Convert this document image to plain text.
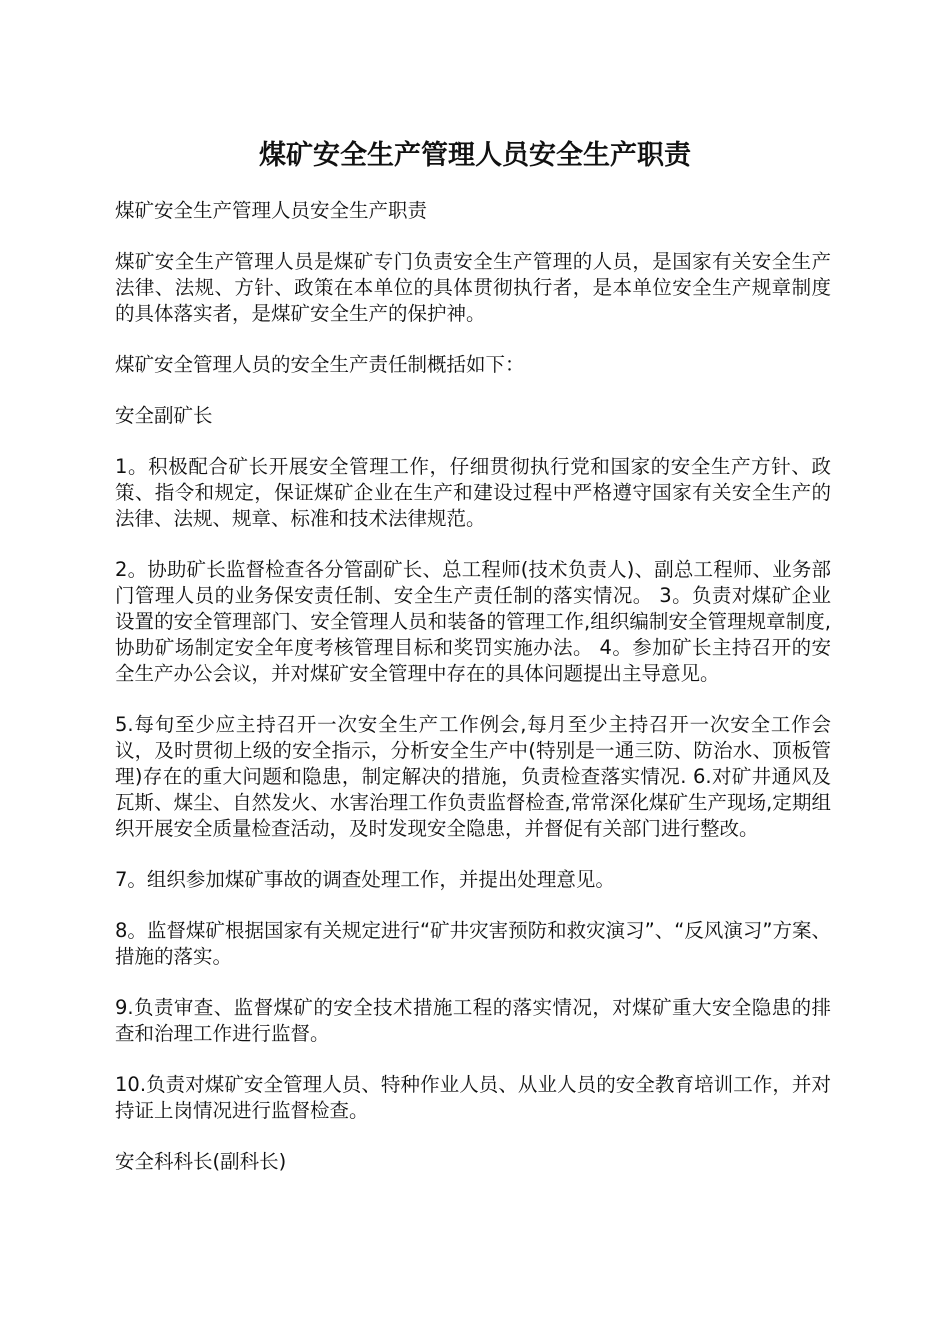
煤矿安全生产管理人员安全生产职责

煤矿安全生产管理人员安全生产职责

煤矿安全生产管理人员是煤矿专门负责安全生产管理的人员，是国家有关安全生产法律、法规、方针、政策在本单位的具体贯彻执行者，是本单位安全生产规章制度的具体落实者，是煤矿安全生产的保护神。

煤矿安全管理人员的安全生产责任制概括如下：

安全副矿长

1。积极配合矿长开展安全管理工作，仔细贯彻执行党和国家的安全生产方针、政策、指令和规定，保证煤矿企业在生产和建设过程中严格遵守国家有关安全生产的法律、法规、规章、标准和技术法律规范。

2。协助矿长监督检查各分管副矿长、总工程师(技术负责人)、副总工程师、业务部门管理人员的业务保安责任制、安全生产责任制的落实情况。 3。负责对煤矿企业设置的安全管理部门、安全管理人员和装备的管理工作,组织编制安全管理规章制度,协助矿场制定安全年度考核管理目标和奖罚实施办法。 4。参加矿长主持召开的安全生产办公会议，并对煤矿安全管理中存在的具体问题提出主导意见。

5.每旬至少应主持召开一次安全生产工作例会,每月至少主持召开一次安全工作会议，及时贯彻上级的安全指示，分析安全生产中(特别是一通三防、防治水、顶板管理)存在的重大问题和隐患，制定解决的措施，负责检查落实情况. 6.对矿井通风及瓦斯、煤尘、自然发火、水害治理工作负责监督检查,常常深化煤矿生产现场,定期组织开展安全质量检查活动，及时发现安全隐患，并督促有关部门进行整改。

7。组织参加煤矿事故的调查处理工作，并提出处理意见。

8。监督煤矿根据国家有关规定进行“矿井灾害预防和救灾演习”、“反风演习”方案、措施的落实。

9.负责审查、监督煤矿的安全技术措施工程的落实情况，对煤矿重大安全隐患的排查和治理工作进行监督。

10.负责对煤矿安全管理人员、特种作业人员、从业人员的安全教育培训工作，并对持证上岗情况进行监督检查。

安全科科长(副科长)
